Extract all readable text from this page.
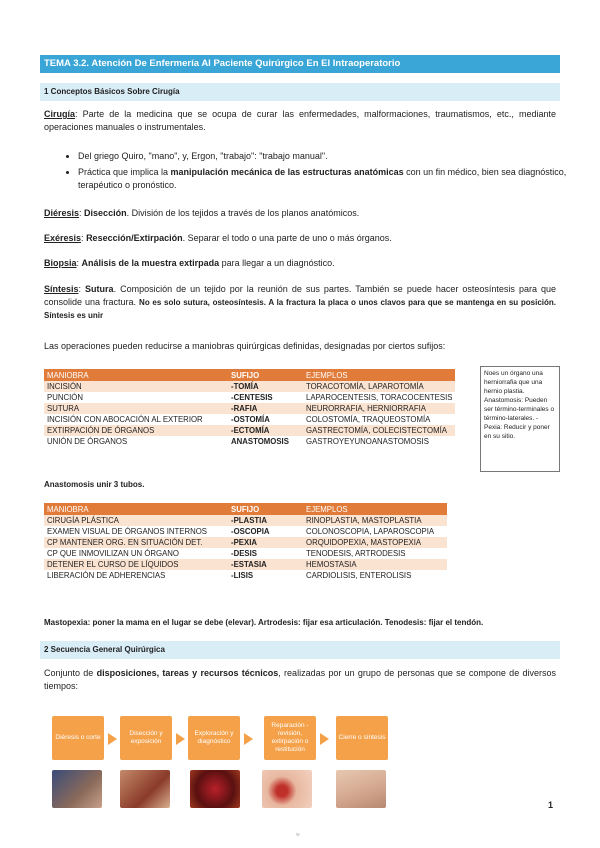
TEMA 3.2. Atención De Enfermería Al Paciente Quirúrgico En El Intraoperatorio
1 Conceptos Básicos Sobre Cirugía
Cirugía: Parte de la medicina que se ocupa de curar las enfermedades, malformaciones, traumatismos, etc., mediante operaciones manuales o instrumentales.
• Del griego Quiro, "mano", y, Ergon, "trabajo": "trabajo manual".
• Práctica que implica la manipulación mecánica de las estructuras anatómicas con un fin médico, bien sea diagnóstico, terapéutico o pronóstico.
Diéresis: Disección. División de los tejidos a través de los planos anatómicos.
Exéresis: Resección/Extirpación. Separar el todo o una parte de uno o más órganos.
Biopsia: Análisis de la muestra extirpada para llegar a un diagnóstico.
Síntesis: Sutura. Composición de un tejido por la reunión de sus partes. También se puede hacer osteosíntesis para que consolide una fractura. No es solo sutura, osteosíntesis. A la fractura la placa o unos clavos para que se mantenga en su posición. Síntesis es unir
Las operaciones pueden reducirse a maniobras quirúrgicas definidas, designadas por ciertos sufijos:
MANIOBRA	SUFIJO	EJEMPLOS
INCISIÓN	-TOMÍA	TORACOTOMÍA, LAPAROTOMÍA
PUNCIÓN	-CENTESIS	LAPAROCENTESIS, TORACOCENTESIS
SUTURA	-RAFIA	NEURORRAFIA, HERNIORRAFIA
INCISIÓN CON ABOCACIÓN AL EXTERIOR	-OSTOMÍA	COLOSTOMÍA, TRAQUEOSTOMÍA
EXTIRPACIÓN DE ÓRGANOS	-ECTOMÍA	GASTRECTOMÍA, COLECISTECTOMÍA
UNIÓN DE ÓRGANOS	ANASTOMOSIS	GASTROYEYUNOANASTOMOSIS
Noes un órgano una herniorrafia que una hernio plastia. Anastomosis: Pueden ser término-terminales o término-laterales. -Pexia: Reducir y poner en su sitio.
Anastomosis unir 3 tubos.
MANIOBRA	SUFIJO	EJEMPLOS
CIRUGÍA PLÁSTICA	-PLASTIA	RINOPLASTIA, MASTOPLASTIA
EXAMEN VISUAL DE ÓRGANOS INTERNOS	-OSCOPIA	COLONOSCOPIA, LAPAROSCOPIA
CP MANTENER ORG. EN SITUACIÓN DET.	-PEXIA	ORQUIDOPEXIA, MASTOPEXIA
CP QUE INMOVILIZAN UN ÓRGANO	-DESIS	TENODESIS, ARTRODESIS
DETENER EL CURSO DE LÍQUIDOS	-ESTASIA	HEMOSTASIA
LIBERACIÓN DE ADHERENCIAS	-LISIS	CARDIOLISIS, ENTEROLISIS
Mastopexia: poner la mama en el lugar se debe (elevar). Artrodesis: fijar esa articulación. Tenodesis: fijar el tendón.
2 Secuencia General Quirúrgica
Conjunto de disposiciones, tareas y recursos técnicos, realizadas por un grupo de personas que se compone de diversos tiempos:
Diéresis o corte
Disección y exposición
Exploración y diagnóstico
Reparación - revisión, extirpación o restitución
Cierre o síntesis
1
w
